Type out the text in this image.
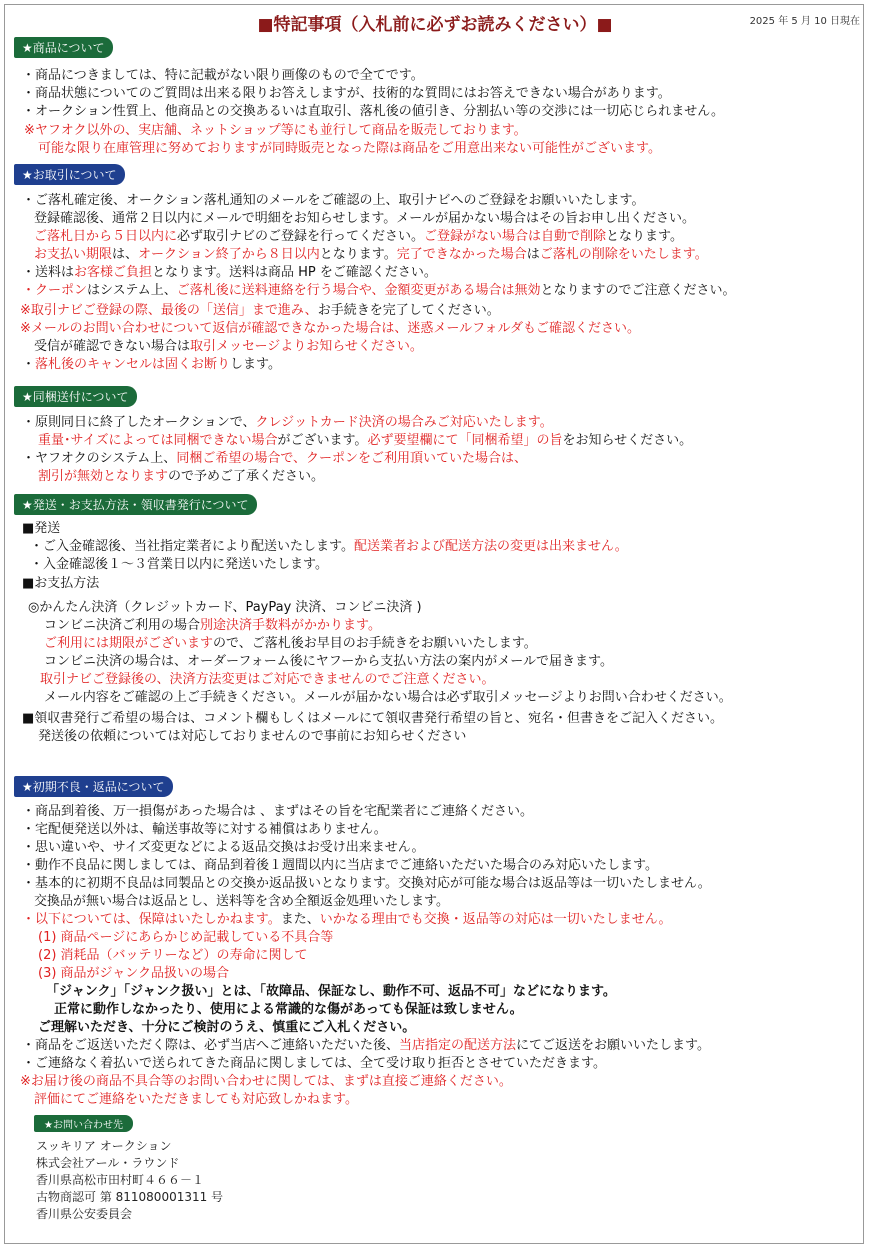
■特記事項（入札前に必ずお読みください）■	2025 年 5 月 10 日現在
★商品について
・商品につきましては、特に記載がない限り画像のもので全てです。
・商品状態についてのご質問は出来る限りお答えしますが、技術的な質問にはお答えできない場合があります。
・オークション性質上、他商品との交換あるいは直取引、落札後の値引き、分割払い等の交渉には一切応じられません。
※ヤフオク以外の、実店舗、ネットショップ等にも並行して商品を販売しております。
可能な限り在庫管理に努めておりますが同時販売となった際は商品をご用意出来ない可能性がございます。
★お取引について
・ご落札確定後、オークション落札通知のメールをご確認の上、取引ナビへのご登録をお願いいたします。
登録確認後、通常２日以内にメールで明細をお知らせします。メールが届かない場合はその旨お申し出ください。
ご落札日から５日以内に必ず取引ナビのご登録を行ってください。ご登録がない場合は自動で削除となります。
お支払い期限は、オークション終了から８日以内となります。完了できなかった場合はご落札の削除をいたします。
・送料はお客様ご負担となります。送料は商品 HP をご確認ください。
・クーポンはシステム上、ご落札後に送料連絡を行う場合や、金額変更がある場合は無効となりますのでご注意ください。
※取引ナビご登録の際、最後の「送信」まで進み、お手続きを完了してください。
※メールのお問い合わせについて返信が確認できなかった場合は、迷惑メールフォルダもご確認ください。
受信が確認できない場合は取引メッセージよりお知らせください。
・落札後のキャンセルは固くお断りします。
★同梱送付について
・原則同日に終了したオークションで、クレジットカード決済の場合みご対応いたします。
重量･サイズによっては同梱できない場合がございます。必ず要望欄にて「同梱希望」の旨をお知らせください。
・ヤフオクのシステム上、同梱ご希望の場合で、クーポンをご利用頂いていた場合は、
割引が無効となりますので予めご了承ください。
★発送・お支払方法・領収書発行について
■発送
・ご入金確認後、当社指定業者により配送いたします。配送業者および配送方法の変更は出来ません。
・入金確認後１～３営業日以内に発送いたします。
■お支払方法
◎かんたん決済（クレジットカード、PayPay 決済、コンビニ決済 )
コンビニ決済ご利用の場合別途決済手数料がかかります。
ご利用には期限がございますので、ご落札後お早目のお手続きをお願いいたします。
コンビニ決済の場合は、オーダーフォーム後にヤフーから支払い方法の案内がメールで届きます。
取引ナビご登録後の、決済方法変更はご対応できませんのでご注意ください。
メール内容をご確認の上ご手続きください。メールが届かない場合は必ず取引メッセージよりお問い合わせください。
■領収書発行ご希望の場合は、コメント欄もしくはメールにて領収書発行希望の旨と、宛名・但書きをご記入ください。
発送後の依頼については対応しておりませんので事前にお知らせください
★初期不良・返品について
・商品到着後、万一損傷があった場合は 、まずはその旨を宅配業者にご連絡ください。
・宅配便発送以外は、輸送事故等に対する補償はありません。
・思い違いや、サイズ変更などによる返品交換はお受け出来ません。
・動作不良品に関しましては、商品到着後１週間以内に当店までご連絡いただいた場合のみ対応いたします。
・基本的に初期不良品は同製品との交換か返品扱いとなります。交換対応が可能な場合は返品等は一切いたしません。
交換品が無い場合は返品とし、送料等を含め全額返金処理いたします。
・以下については、保障はいたしかねます。また、いかなる理由でも交換・返品等の対応は一切いたしません。
(1) 商品ページにあらかじめ記載している不具合等
(2) 消耗品（バッテリーなど）の寿命に関して
(3) 商品がジャンク品扱いの場合
「ジャンク」「ジャンク扱い」とは、「故障品、保証なし、動作不可、返品不可」などになります。
正常に動作しなかったり、使用による常識的な傷があっても保証は致しません。
ご理解いただき、十分にご検討のうえ、慎重にご入札ください。
・商品をご返送いただく際は、必ず当店へご連絡いただいた後、当店指定の配送方法にてご返送をお願いいたします。
・ご連絡なく着払いで送られてきた商品に関しましては、全て受け取り拒否とさせていただきます。
※お届け後の商品不具合等のお問い合わせに関しては、まずは直接ご連絡ください。
評価にてご連絡をいただきましても対応致しかねます。
★お問い合わせ先
スッキリア オークション
株式会社アール・ラウンド
香川県高松市田村町４６６－１
古物商認可 第 811080001311 号
香川県公安委員会
